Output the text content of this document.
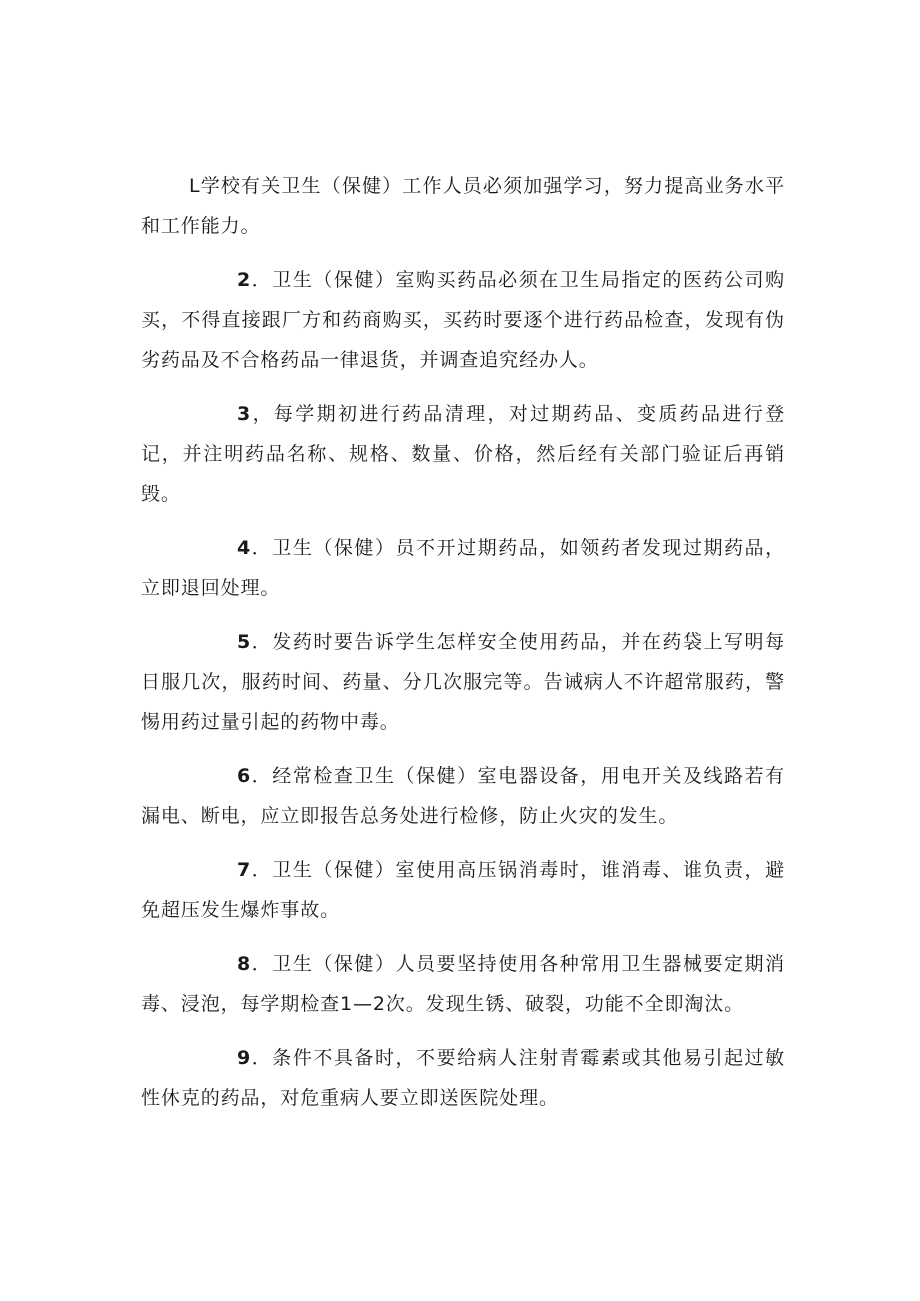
L学校有关卫生（保健）工作人员必须加强学习，努力提高业务水平和工作能力。

2．卫生（保健）室购买药品必须在卫生局指定的医药公司购买，不得直接跟厂方和药商购买，买药时要逐个进行药品检查，发现有伪劣药品及不合格药品一律退货，并调查追究经办人。

3，每学期初进行药品清理，对过期药品、变质药品进行登记，并注明药品名称、规格、数量、价格，然后经有关部门验证后再销毁。

4．卫生（保健）员不开过期药品，如领药者发现过期药品，立即退回处理。

5．发药时要告诉学生怎样安全使用药品，并在药袋上写明每日服几次，服药时间、药量、分几次服完等。告诫病人不许超常服药，警惕用药过量引起的药物中毒。

6．经常检查卫生（保健）室电器设备，用电开关及线路若有漏电、断电，应立即报告总务处进行检修，防止火灾的发生。

7．卫生（保健）室使用高压锅消毒时，谁消毒、谁负责，避免超压发生爆炸事故。

8．卫生（保健）人员要坚持使用各种常用卫生器械要定期消毒、浸泡，每学期检查1—2次。发现生锈、破裂，功能不全即淘汰。

9．条件不具备时，不要给病人注射青霉素或其他易引起过敏性休克的药品，对危重病人要立即送医院处理。
